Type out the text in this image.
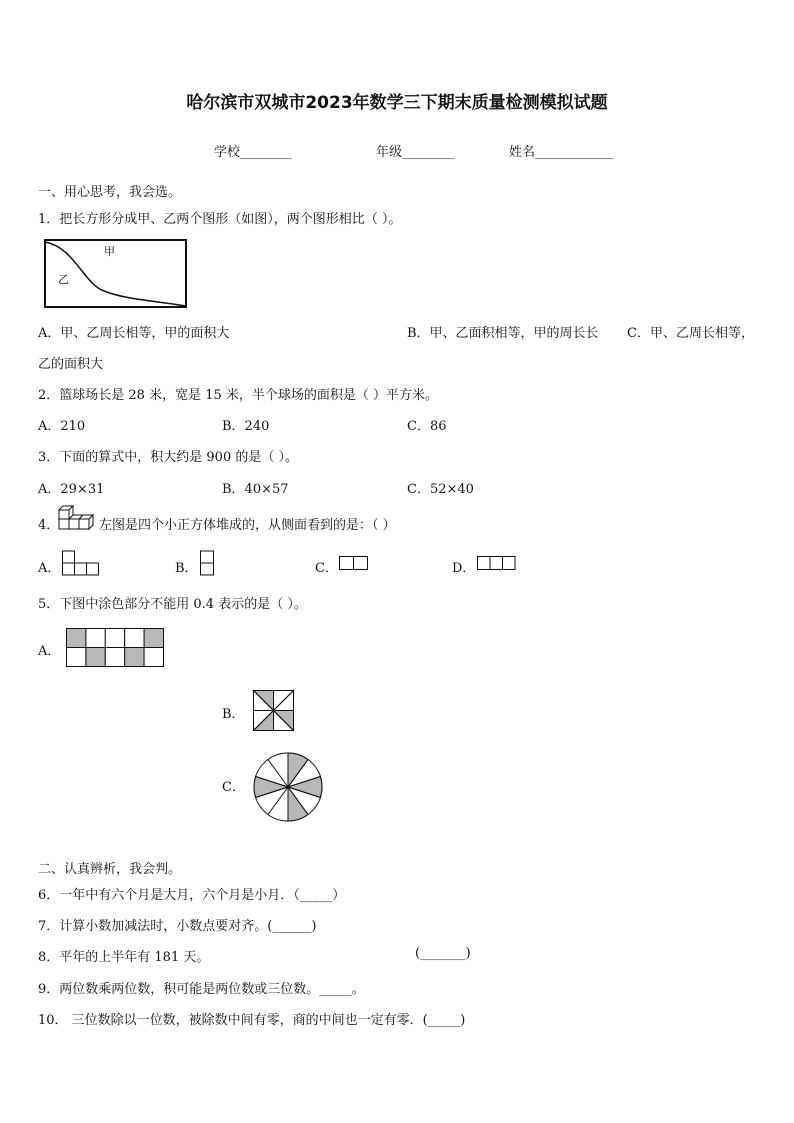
哈尔滨市双城市2023年数学三下期末质量检测模拟试题
学校________	年级________	姓名____________
一、用心思考，我会选。
1．把长方形分成甲、乙两个图形（如图），两个图形相比（ ）。
甲
乙
A．甲、乙周长相等，甲的面积大	B．甲、乙面积相等，甲的周长长 C．甲、乙周长相等，
乙的面积大
2．篮球场长是 28 米，宽是 15 米，半个球场的面积是（ ）平方米。
A．210	B．240	C．86
3．下面的算式中，积大约是 900 的是（ ）。
A．29×31	B．40×57	C．52×40
4．	左图是四个小正方体堆成的，从侧面看到的是：（ ）
A．	B．	C．	D．
5．下图中涂色部分不能用 0.4 表示的是（ ）。
A．
B．
C．
二、认真辨析，我会判。
6．一年中有六个月是大月，六个月是小月．（_____）
7．计算小数加减法时，小数点要对齐。(______)
8．平年的上半年有 181 天。	(_______)
9．两位数乘两位数，积可能是两位数或三位数。_____。
10． 三位数除以一位数，被除数中间有零，商的中间也一定有零．(_____)
